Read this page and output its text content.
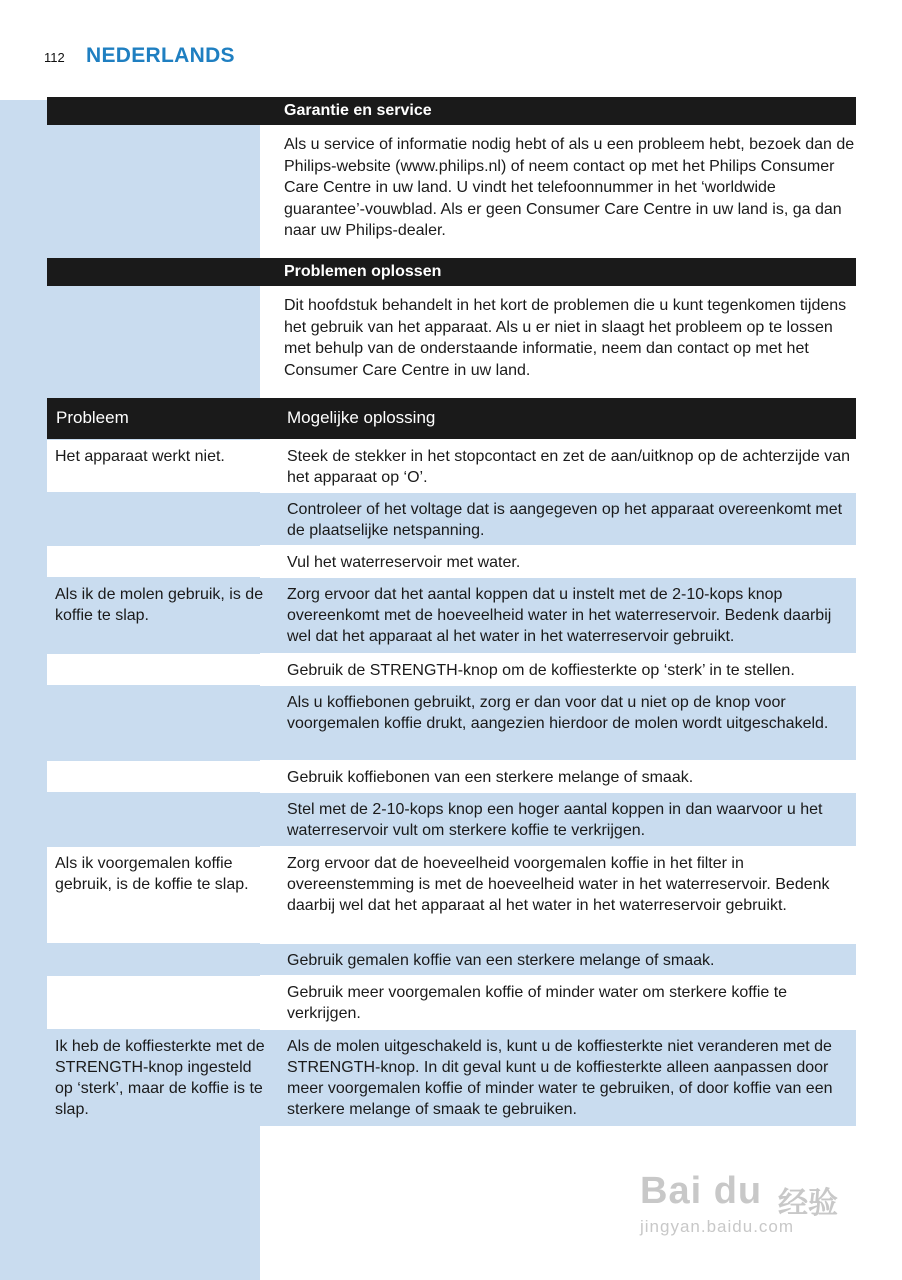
112 NEDERLANDS
Garantie en service
Als u service of informatie nodig hebt of als u een probleem hebt, bezoek dan de Philips-website (www.philips.nl) of neem contact op met het Philips Consumer Care Centre in uw land. U vindt het telefoonnummer in het ‘worldwide guarantee’-vouwblad. Als er geen Consumer Care Centre in uw land is, ga dan naar uw Philips-dealer.
Problemen oplossen
Dit hoofdstuk behandelt in het kort de problemen die u kunt tegenkomen tijdens het gebruik van het apparaat. Als u er niet in slaagt het probleem op te lossen met behulp van de onderstaande informatie, neem dan contact op met het Consumer Care Centre in uw land.
Probleem	Mogelijke oplossing
Het apparaat werkt niet.	Steek de stekker in het stopcontact en zet de aan/uitknop op de achterzijde van het apparaat op ‘O’.
Controleer of het voltage dat is aangegeven op het apparaat overeenkomt met de plaatselijke netspanning.
Vul het waterreservoir met water.
Als ik de molen gebruik, is de koffie te slap.
Zorg ervoor dat het aantal koppen dat u instelt met de 2-10-kops knop overeenkomt met de hoeveelheid water in het waterreservoir. Bedenk daarbij wel dat het apparaat al het water in het waterreservoir gebruikt.
Gebruik de STRENGTH-knop om de koffiesterkte op ‘sterk’ in te stellen.
Als u koffiebonen gebruikt, zorg er dan voor dat u niet op de knop voor voorgemalen koffie drukt, aangezien hierdoor de molen wordt uitgeschakeld.
Gebruik koffiebonen van een sterkere melange of smaak.
Stel met de 2-10-kops knop een hoger aantal koppen in dan waarvoor u het waterreservoir vult om sterkere koffie te verkrijgen.
Als ik voorgemalen koffie gebruik, is de koffie te slap.
Zorg ervoor dat de hoeveelheid voorgemalen koffie in het filter in overeenstemming is met de hoeveelheid water in het waterreservoir. Bedenk daarbij wel dat het apparaat al het water in het waterreservoir gebruikt.
Gebruik gemalen koffie van een sterkere melange of smaak.
Gebruik meer voorgemalen koffie of minder water om sterkere koffie te verkrijgen.
Ik heb de koffiesterkte met de STRENGTH-knop ingesteld op ‘sterk’, maar de koffie is te slap.
Als de molen uitgeschakeld is, kunt u de koffiesterkte niet veranderen met de STRENGTH-knop. In dit geval kunt u de koffiesterkte alleen aanpassen door meer voorgemalen koffie of minder water te gebruiken, of door koffie van een sterkere melange of smaak te gebruiken.
Bai du 经验
jingyan.baidu.com
